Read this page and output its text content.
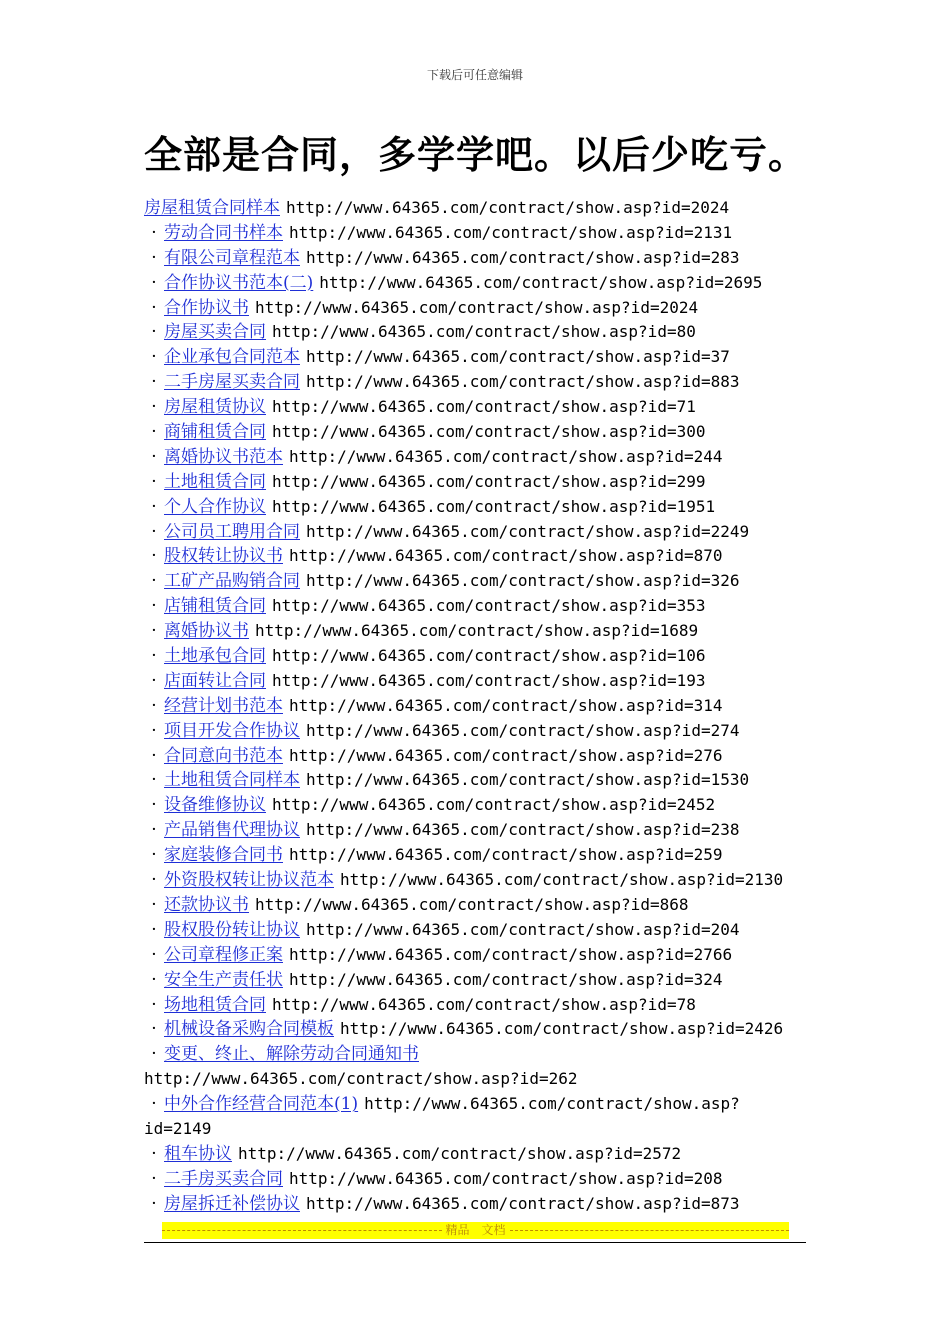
下载后可任意编辑
全部是合同，多学学吧。以后少吃亏。
房屋租赁合同样本 http://www.64365.com/contract/show.asp?id=2024
· 劳动合同书样本 http://www.64365.com/contract/show.asp?id=2131
· 有限公司章程范本 http://www.64365.com/contract/show.asp?id=283
· 合作协议书范本(二) http://www.64365.com/contract/show.asp?id=2695
· 合作协议书 http://www.64365.com/contract/show.asp?id=2024
· 房屋买卖合同 http://www.64365.com/contract/show.asp?id=80
· 企业承包合同范本 http://www.64365.com/contract/show.asp?id=37
· 二手房屋买卖合同 http://www.64365.com/contract/show.asp?id=883
· 房屋租赁协议 http://www.64365.com/contract/show.asp?id=71
· 商铺租赁合同 http://www.64365.com/contract/show.asp?id=300
· 离婚协议书范本 http://www.64365.com/contract/show.asp?id=244
· 土地租赁合同 http://www.64365.com/contract/show.asp?id=299
· 个人合作协议 http://www.64365.com/contract/show.asp?id=1951
· 公司员工聘用合同 http://www.64365.com/contract/show.asp?id=2249
· 股权转让协议书 http://www.64365.com/contract/show.asp?id=870
· 工矿产品购销合同 http://www.64365.com/contract/show.asp?id=326
· 店铺租赁合同 http://www.64365.com/contract/show.asp?id=353
· 离婚协议书 http://www.64365.com/contract/show.asp?id=1689
· 土地承包合同 http://www.64365.com/contract/show.asp?id=106
· 店面转让合同 http://www.64365.com/contract/show.asp?id=193
· 经营计划书范本 http://www.64365.com/contract/show.asp?id=314
· 项目开发合作协议 http://www.64365.com/contract/show.asp?id=274
· 合同意向书范本 http://www.64365.com/contract/show.asp?id=276
· 土地租赁合同样本 http://www.64365.com/contract/show.asp?id=1530
· 设备维修协议 http://www.64365.com/contract/show.asp?id=2452
· 产品销售代理协议 http://www.64365.com/contract/show.asp?id=238
· 家庭装修合同书 http://www.64365.com/contract/show.asp?id=259
· 外资股权转让协议范本 http://www.64365.com/contract/show.asp?id=2130
· 还款协议书 http://www.64365.com/contract/show.asp?id=868
· 股权股份转让协议 http://www.64365.com/contract/show.asp?id=204
· 公司章程修正案 http://www.64365.com/contract/show.asp?id=2766
· 安全生产责任状 http://www.64365.com/contract/show.asp?id=324
· 场地租赁合同 http://www.64365.com/contract/show.asp?id=78
· 机械设备采购合同模板 http://www.64365.com/contract/show.asp?id=2426
· 变更、终止、解除劳动合同通知书
http://www.64365.com/contract/show.asp?id=262
· 中外合作经营合同范本(1) http://www.64365.com/contract/show.asp?
id=2149
· 租车协议 http://www.64365.com/contract/show.asp?id=2572
· 二手房买卖合同 http://www.64365.com/contract/show.asp?id=208
· 房屋拆迁补偿协议 http://www.64365.com/contract/show.asp?id=873
精品　文档
